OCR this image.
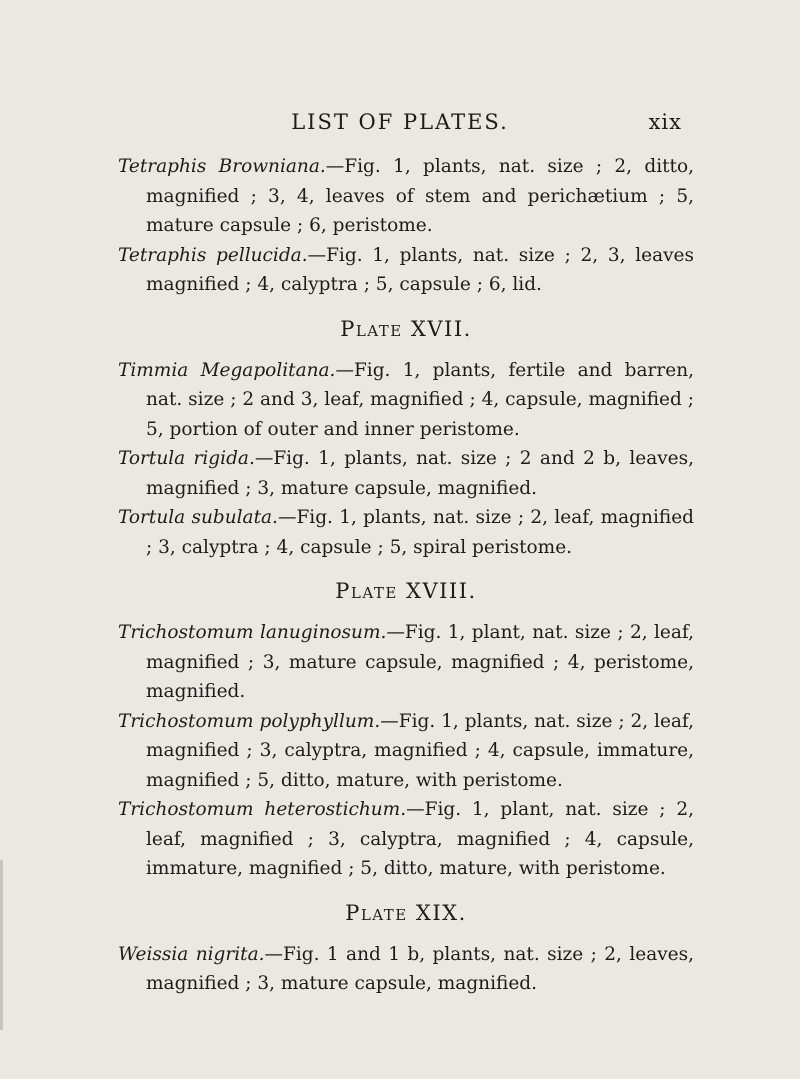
LIST OF PLATES.	xix

Tetraphis Browniana.—Fig. 1, plants, nat. size ; 2, ditto, magnified ; 3, 4, leaves of stem and perichætium ; 5, mature capsule ; 6, peristome.

Tetraphis pellucida.—Fig. 1, plants, nat. size ; 2, 3, leaves magnified ; 4, calyptra ; 5, capsule ; 6, lid.

Plate XVII.

Timmia Megapolitana.—Fig. 1, plants, fertile and barren, nat. size ; 2 and 3, leaf, magnified ; 4, capsule, magnified ; 5, portion of outer and inner peristome.

Tortula rigida.—Fig. 1, plants, nat. size ; 2 and 2 b, leaves, magnified ; 3, mature capsule, magnified.

Tortula subulata.—Fig. 1, plants, nat. size ; 2, leaf, magnified ; 3, calyptra ; 4, capsule ; 5, spiral peristome.

Plate XVIII.

Trichostomum lanuginosum.—Fig. 1, plant, nat. size ; 2, leaf, magnified ; 3, mature capsule, magnified ; 4, peristome, magnified.

Trichostomum polyphyllum.—Fig. 1, plants, nat. size ; 2, leaf, magnified ; 3, calyptra, magnified ; 4, capsule, immature, magnified ; 5, ditto, mature, with peristome.

Trichostomum heterostichum.—Fig. 1, plant, nat. size ; 2, leaf, magnified ; 3, calyptra, magnified ; 4, capsule, immature, magnified ; 5, ditto, mature, with peristome.

Plate XIX.

Weissia nigrita.—Fig. 1 and 1 b, plants, nat. size ; 2, leaves, magnified ; 3, mature capsule, magnified.
